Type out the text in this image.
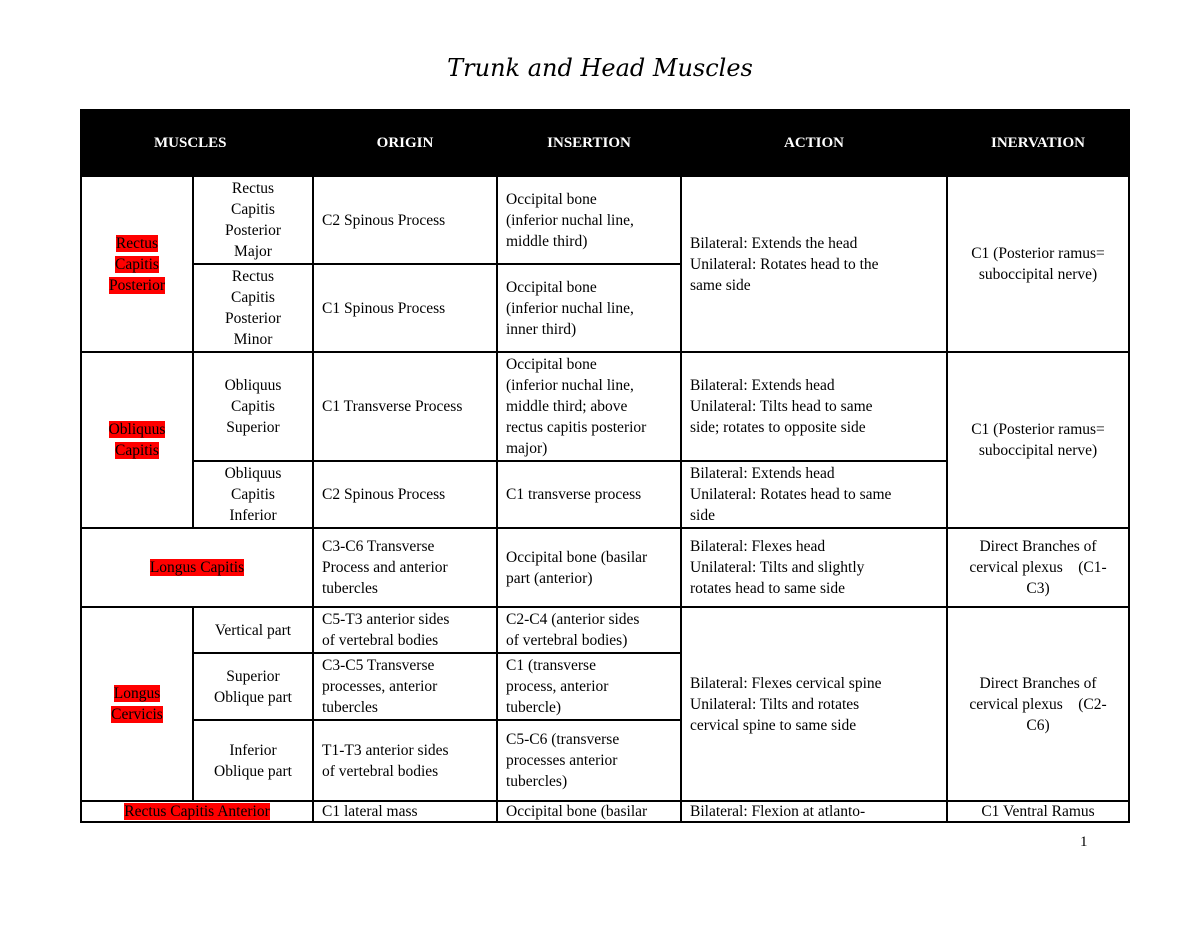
Trunk and Head Muscles
MUSCLES		ORIGIN	INSERTION	ACTION	INERVATION
Rectus
Capitis
Posterior	Rectus
Capitis
Posterior
Major	C2 Spinous Process	Occipital bone
(inferior nuchal line,
middle third)	Bilateral: Extends the head
Unilateral: Rotates head to the
same side	C1 (Posterior ramus=
suboccipital nerve)
	Rectus
Capitis
Posterior
Minor	C1 Spinous Process	Occipital bone
(inferior nuchal line,
inner third)		
Obliquus
Capitis	Obliquus
Capitis
Superior	C1 Transverse Process	Occipital bone
(inferior nuchal line,
middle third; above
rectus capitis posterior
major)	Bilateral: Extends head
Unilateral: Tilts head to same
side; rotates to opposite side	C1 (Posterior ramus=
suboccipital nerve)
	Obliquus
Capitis
Inferior	C2 Spinous Process	C1 transverse process	Bilateral: Extends head
Unilateral: Rotates head to same
side	
Longus Capitis		C3-C6 Transverse
Process and anterior
tubercles	Occipital bone (basilar
part (anterior)	Bilateral: Flexes head
Unilateral: Tilts and slightly
rotates head to same side	Direct Branches of
cervical plexus    (C1-
C3)
Longus
Cervicis	Vertical part	C5-T3 anterior sides
of vertebral bodies	C2-C4 (anterior sides
of vertebral bodies)	Bilateral: Flexes cervical spine
Unilateral: Tilts and rotates
cervical spine to same side	Direct Branches of
cervical plexus    (C2-
C6)
	Superior
Oblique part	C3-C5 Transverse
processes, anterior
tubercles	C1 (transverse
process, anterior
tubercle)		
	Inferior
Oblique part	T1-T3 anterior sides
of vertebral bodies	C5-C6 (transverse
processes anterior
tubercles)		
Rectus Capitis Anterior		C1 lateral mass	Occipital bone (basilar	Bilateral: Flexion at atlanto-	C1 Ventral Ramus
1
